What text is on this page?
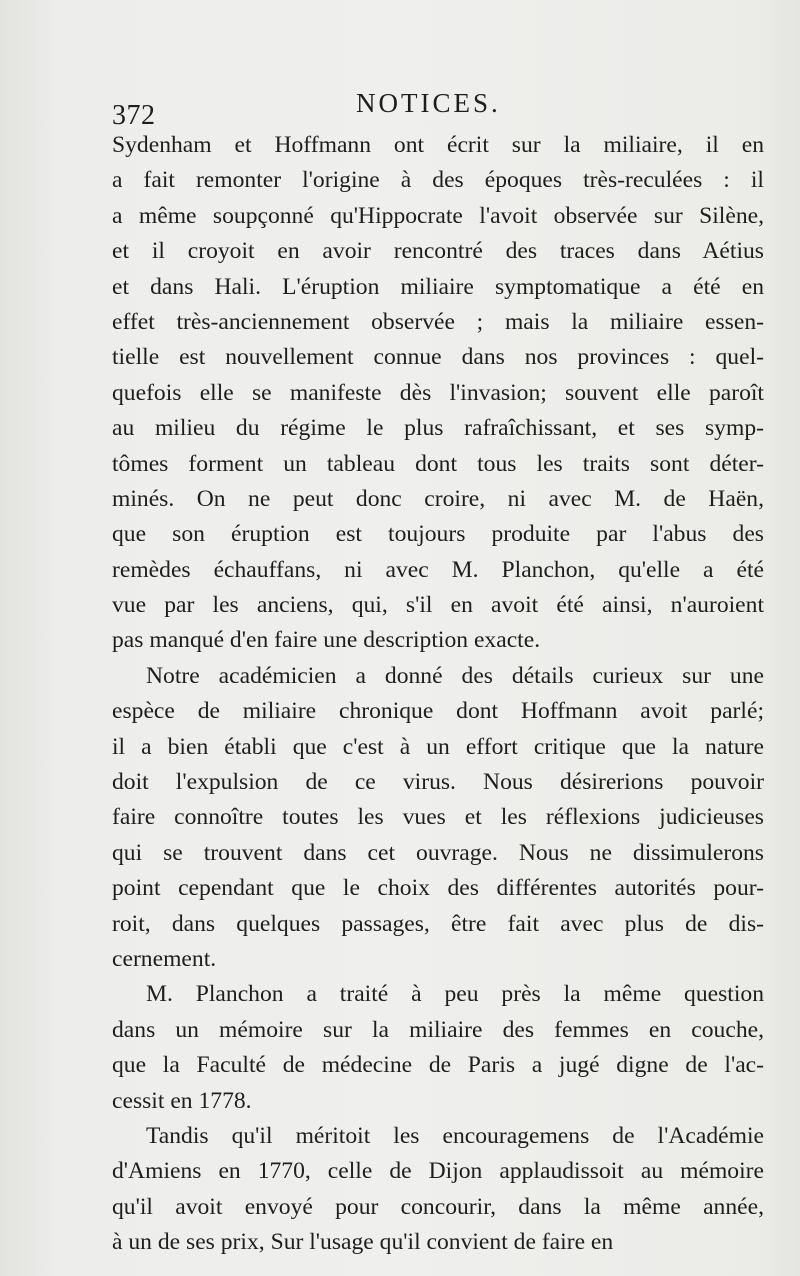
372	NOTICES.
Sydenham et Hoffmann ont écrit sur la miliaire, il en
a fait remonter l'origine à des époques très-reculées : il
a même soupçonné qu'Hippocrate l'avoit observée sur Silène,
et il croyoit en avoir rencontré des traces dans Aétius
et dans Hali. L'éruption miliaire symptomatique a été en
effet très-anciennement observée ; mais la miliaire essen-
tielle est nouvellement connue dans nos provinces : quel-
quefois elle se manifeste dès l'invasion; souvent elle paroît
au milieu du régime le plus rafraîchissant, et ses symp-
tômes forment un tableau dont tous les traits sont déter-
minés. On ne peut donc croire, ni avec M. de Haën,
que son éruption est toujours produite par l'abus des
remèdes échauffans, ni avec M. Planchon, qu'elle a été
vue par les anciens, qui, s'il en avoit été ainsi, n'auroient
pas manqué d'en faire une description exacte.
Notre académicien a donné des détails curieux sur une
espèce de miliaire chronique dont Hoffmann avoit parlé;
il a bien établi que c'est à un effort critique que la nature
doit l'expulsion de ce virus. Nous désirerions pouvoir
faire connoître toutes les vues et les réflexions judicieuses
qui se trouvent dans cet ouvrage. Nous ne dissimulerons
point cependant que le choix des différentes autorités pour-
roit, dans quelques passages, être fait avec plus de dis-
cernement.
M. Planchon a traité à peu près la même question
dans un mémoire sur la miliaire des femmes en couche,
que la Faculté de médecine de Paris a jugé digne de l'ac-
cessit en 1778.
Tandis qu'il méritoit les encouragemens de l'Académie
d'Amiens en 1770, celle de Dijon applaudissoit au mémoire
qu'il avoit envoyé pour concourir, dans la même année,
à un de ses prix, Sur l'usage qu'il convient de faire en
